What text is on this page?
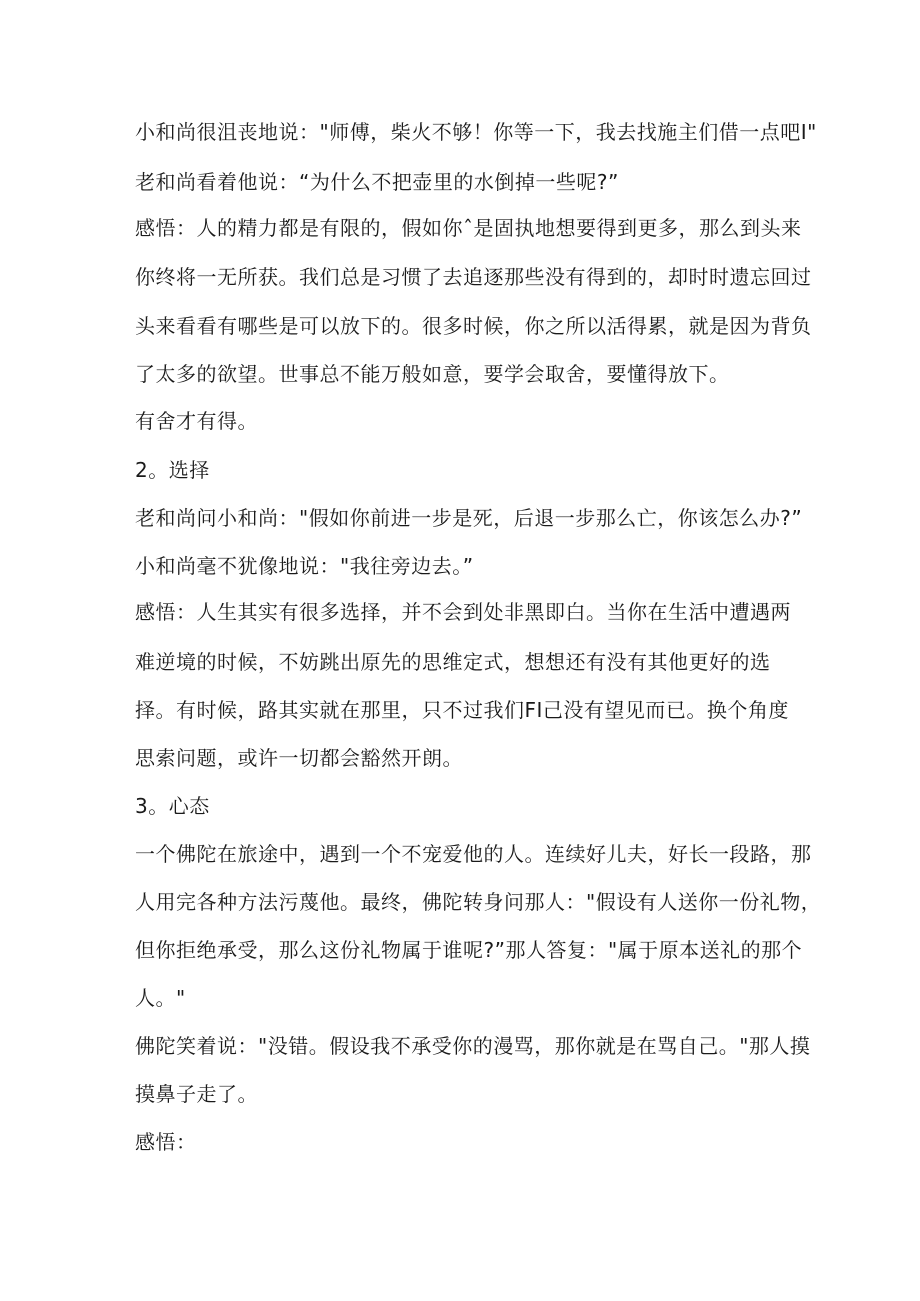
小和尚很沮丧地说："师傅，柴火不够！你等一下，我去找施主们借一点吧I"
老和尚看着他说：“为什么不把壶里的水倒掉一些呢?”
感悟：人的精力都是有限的，假如你ˆ是固执地想要得到更多，那么到头来
你终将一无所获。我们总是习惯了去追逐那些没有得到的，却时时遗忘回过
头来看看有哪些是可以放下的。很多时候，你之所以活得累，就是因为背负
了太多的欲望。世事总不能万般如意，要学会取舍，要懂得放下。
有舍才有得。
2。选择
老和尚问小和尚："假如你前进一步是死，后退一步那么亡，你该怎么办?”
小和尚毫不犹像地说："我往旁边去。”
感悟：人生其实有很多选择，并不会到处非黑即白。当你在生活中遭遇两
难逆境的时候，不妨跳出原先的思维定式，想想还有没有其他更好的选
择。有时候，路其实就在那里，只不过我们FI己没有望见而已。换个角度
思索问题，或许一切都会豁然开朗。
3。心态
一个佛陀在旅途中，遇到一个不宠爱他的人。连续好儿夫，好长一段路，那
人用完各种方法污蔑他。最终，佛陀转身问那人："假设有人送你一份礼物，
但你拒绝承受，那么这份礼物属于谁呢?”那人答复："属于原本送礼的那个
人。"
佛陀笑着说："没错。假设我不承受你的漫骂，那你就是在骂自己。"那人摸
摸鼻子走了。
感悟：
